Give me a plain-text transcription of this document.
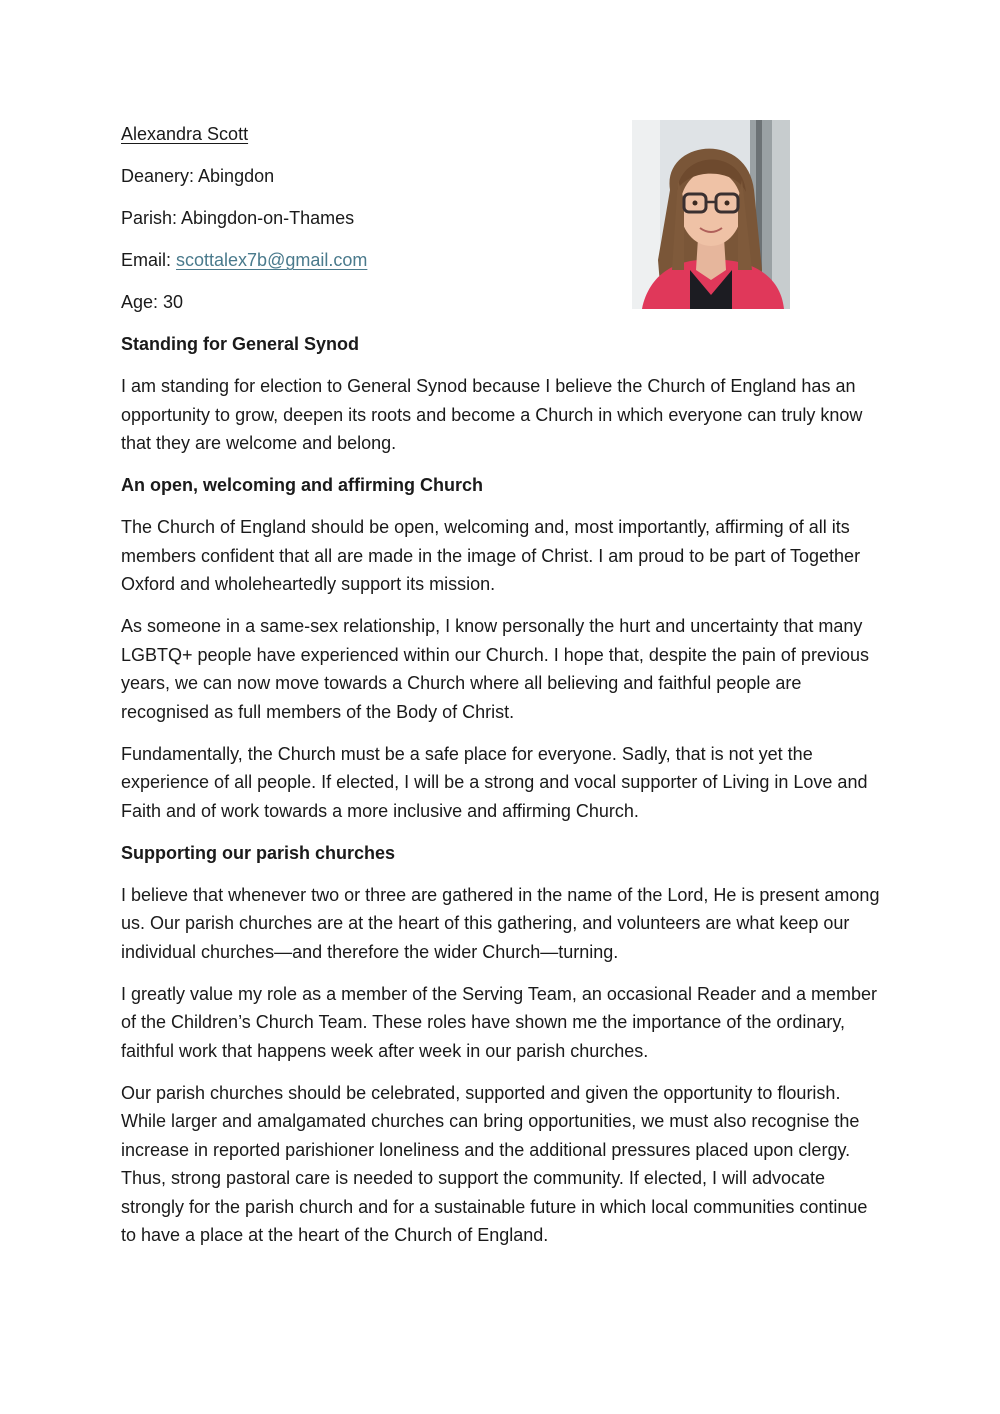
Alexandra Scott

Deanery: Abingdon

Parish: Abingdon-on-Thames

Email: scottalex7b@gmail.com

Age: 30

Standing for General Synod

I am standing for election to General Synod because I believe the Church of England has an opportunity to grow, deepen its roots and become a Church in which everyone can truly know that they are welcome and belong.

An open, welcoming and affirming Church

The Church of England should be open, welcoming and, most importantly, affirming of all its members confident that all are made in the image of Christ. I am proud to be part of Together Oxford and wholeheartedly support its mission.

As someone in a same-sex relationship, I know personally the hurt and uncertainty that many LGBTQ+ people have experienced within our Church. I hope that, despite the pain of previous years, we can now move towards a Church where all believing and faithful people are recognised as full members of the Body of Christ.

Fundamentally, the Church must be a safe place for everyone. Sadly, that is not yet the experience of all people. If elected, I will be a strong and vocal supporter of Living in Love and Faith and of work towards a more inclusive and affirming Church.

Supporting our parish churches

I believe that whenever two or three are gathered in the name of the Lord, He is present among us. Our parish churches are at the heart of this gathering, and volunteers are what keep our individual churches—and therefore the wider Church—turning.

I greatly value my role as a member of the Serving Team, an occasional Reader and a member of the Children’s Church Team. These roles have shown me the importance of the ordinary, faithful work that happens week after week in our parish churches.

Our parish churches should be celebrated, supported and given the opportunity to flourish. While larger and amalgamated churches can bring opportunities, we must also recognise the increase in reported parishioner loneliness and the additional pressures placed upon clergy. Thus, strong pastoral care is needed to support the community. If elected, I will advocate strongly for the parish church and for a sustainable future in which local communities continue to have a place at the heart of the Church of England.
